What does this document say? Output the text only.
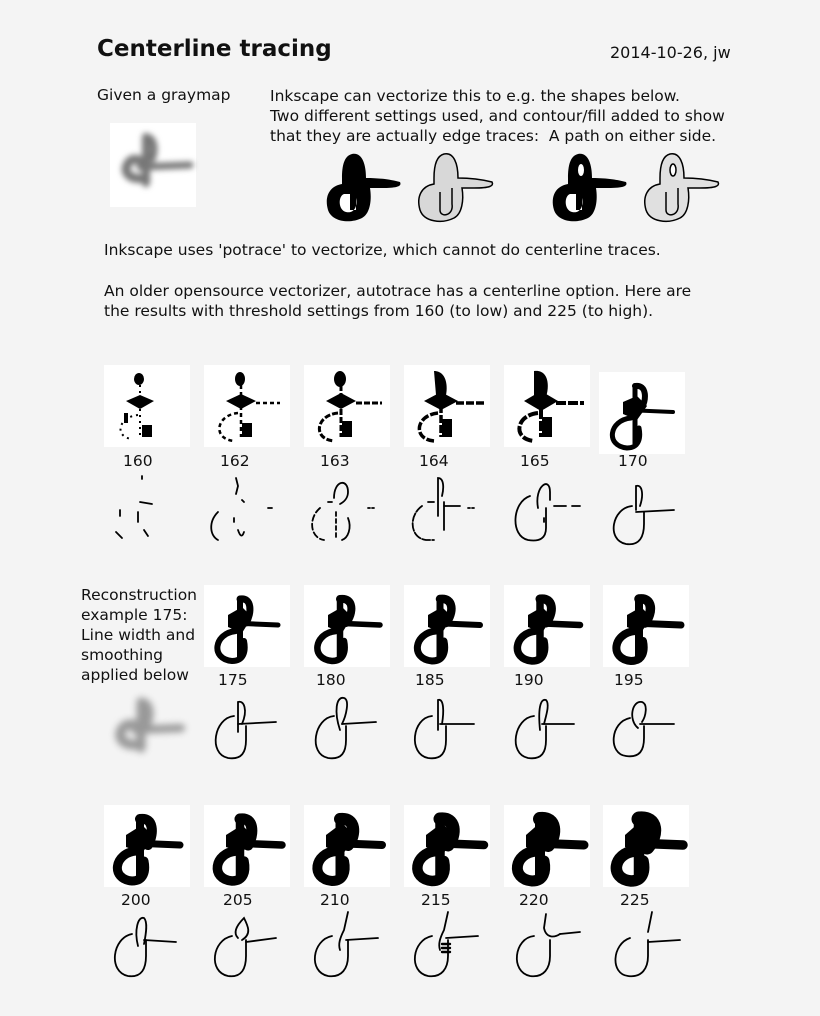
Centerline tracing	2014-10-26, jw
Given a graymap	Inkscape can vectorize this to e.g. the shapes below.
Two different settings used, and contour/fill added to show
that they are actually edge traces:  A path on either side.
Inkscape uses 'potrace' to vectorize, which cannot do centerline traces.
An older opensource vectorizer, autotrace has a centerline option. Here are
the results with threshold settings from 160 (to low) and 225 (to high).
Reconstruction
example 175:
Line width and
smoothing
applied below
160	162	163	164	165	170
175	180	185	190	195
200	205	210	215	220	225
